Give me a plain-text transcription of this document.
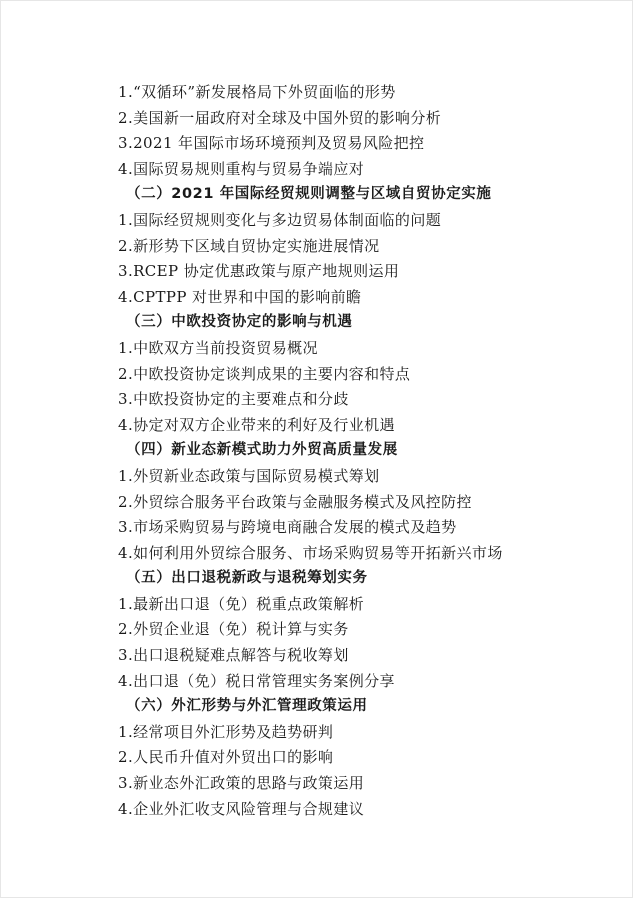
1.“双循环”新发展格局下外贸面临的形势
2.美国新一届政府对全球及中国外贸的影响分析
3.2021 年国际市场环境预判及贸易风险把控
4.国际贸易规则重构与贸易争端应对
（二）2021 年国际经贸规则调整与区域自贸协定实施
1.国际经贸规则变化与多边贸易体制面临的问题
2.新形势下区域自贸协定实施进展情况
3.RCEP 协定优惠政策与原产地规则运用
4.CPTPP 对世界和中国的影响前瞻
（三）中欧投资协定的影响与机遇
1.中欧双方当前投资贸易概况
2.中欧投资协定谈判成果的主要内容和特点
3.中欧投资协定的主要难点和分歧
4.协定对双方企业带来的利好及行业机遇
（四）新业态新模式助力外贸高质量发展
1.外贸新业态政策与国际贸易模式筹划
2.外贸综合服务平台政策与金融服务模式及风控防控
3.市场采购贸易与跨境电商融合发展的模式及趋势
4.如何利用外贸综合服务、市场采购贸易等开拓新兴市场
（五）出口退税新政与退税筹划实务
1.最新出口退（免）税重点政策解析
2.外贸企业退（免）税计算与实务
3.出口退税疑难点解答与税收筹划
4.出口退（免）税日常管理实务案例分享
（六）外汇形势与外汇管理政策运用
1.经常项目外汇形势及趋势研判
2.人民币升值对外贸出口的影响
3.新业态外汇政策的思路与政策运用
4.企业外汇收支风险管理与合规建议
